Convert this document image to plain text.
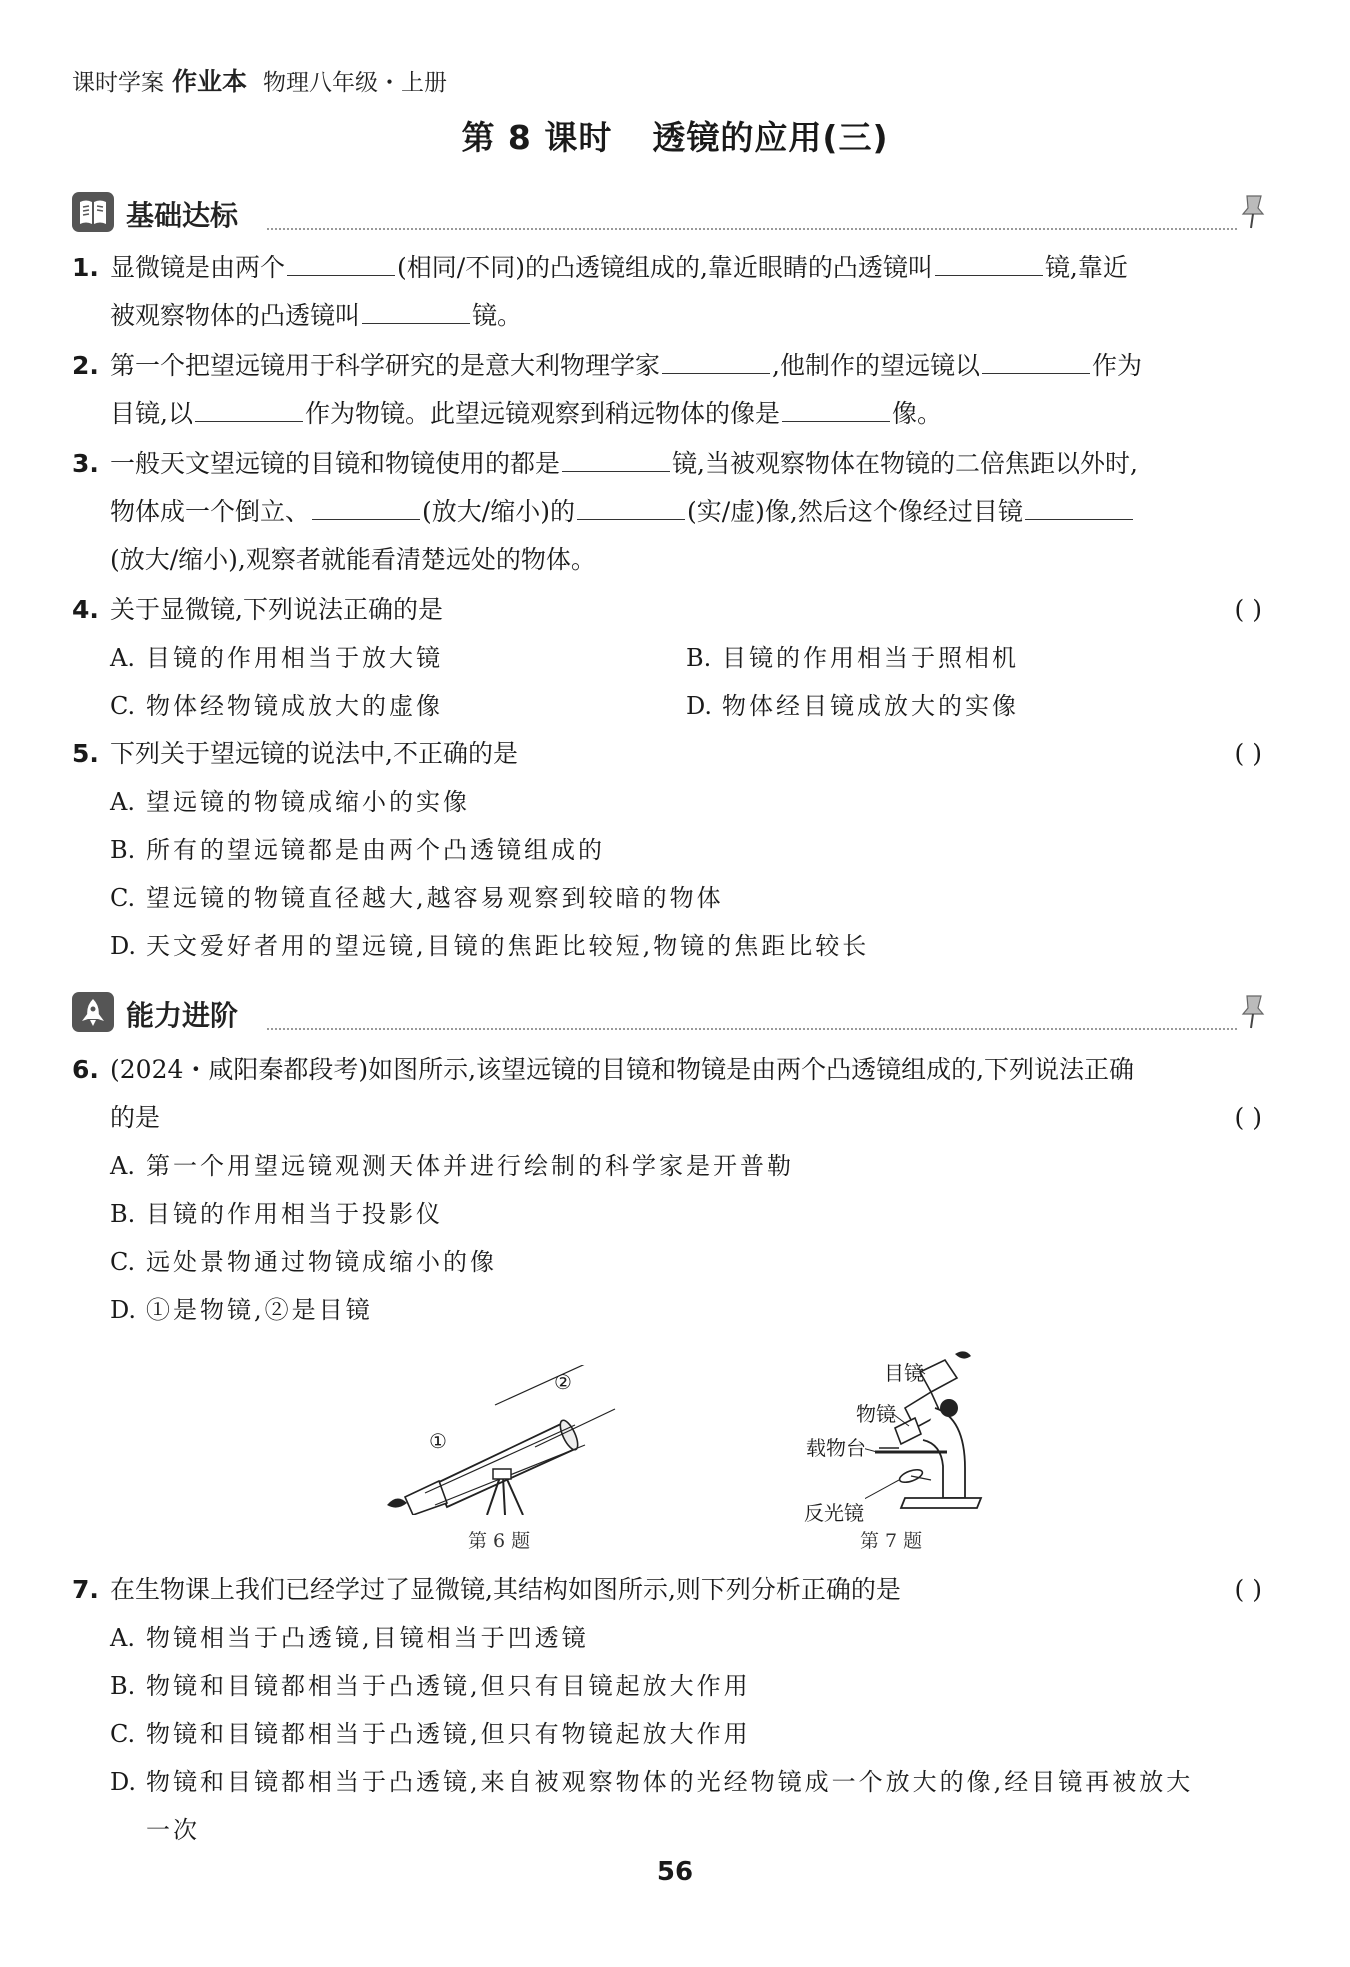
课时学案 作业本 物理八年级・上册
第 8 课时 透镜的应用(三)
基础达标
1. 显微镜是由两个	(相同/不同)的凸透镜组成的,靠近眼睛的凸透镜叫	镜,靠近
被观察物体的凸透镜叫	镜。
2. 第一个把望远镜用于科学研究的是意大利物理学家	,他制作的望远镜以	作为
目镜,以	作为物镜。此望远镜观察到稍远物体的像是	像。
3. 一般天文望远镜的目镜和物镜使用的都是	镜,当被观察物体在物镜的二倍焦距以外时,
物体成一个倒立、	(放大/缩小)的	(实/虚)像,然后这个像经过目镜
(放大/缩小),观察者就能看清楚远处的物体。
4. 关于显微镜,下列说法正确的是	( )
A. 目镜的作用相当于放大镜	B. 目镜的作用相当于照相机
C. 物体经物镜成放大的虚像	D. 物体经目镜成放大的实像
5. 下列关于望远镜的说法中,不正确的是	( )
A. 望远镜的物镜成缩小的实像
B. 所有的望远镜都是由两个凸透镜组成的
C. 望远镜的物镜直径越大,越容易观察到较暗的物体
D. 天文爱好者用的望远镜,目镜的焦距比较短,物镜的焦距比较长
能力进阶
6. (2024・咸阳秦都段考)如图所示,该望远镜的目镜和物镜是由两个凸透镜组成的,下列说法正确
的是	( )
A. 第一个用望远镜观测天体并进行绘制的科学家是开普勒
B. 目镜的作用相当于投影仪
C. 远处景物通过物镜成缩小的像
D. ①是物镜,②是目镜
①
②
第 6 题
目镜
物镜
载物台
反光镜
第 7 题
7. 在生物课上我们已经学过了显微镜,其结构如图所示,则下列分析正确的是	( )
A. 物镜相当于凸透镜,目镜相当于凹透镜
B. 物镜和目镜都相当于凸透镜,但只有目镜起放大作用
C. 物镜和目镜都相当于凸透镜,但只有物镜起放大作用
D. 物镜和目镜都相当于凸透镜,来自被观察物体的光经物镜成一个放大的像,经目镜再被放大
一次
56
